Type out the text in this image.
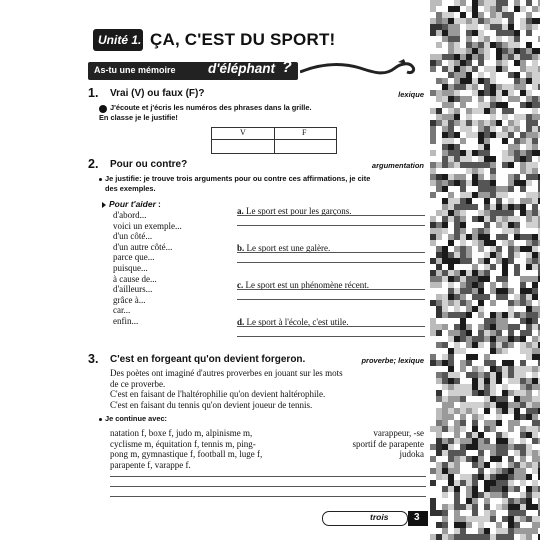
Unité 1. ÇA, C'EST DU SPORT!
As-tu une mémoire d'éléphant ?
1. Vrai (V) ou faux (F)?	lexique
J'écoute et j'écris les numéros des phrases dans la grille.
En classe je le justifie!
V	F
2. Pour ou contre?	argumentation
Je justifie: je trouve trois arguments pour ou contre ces affirmations, je cite
des exemples.
Pour t'aider :
d'abord...
voici un exemple...
d'un côté...
d'un autre côté...
parce que...
puisque...
à cause de...
d'ailleurs...
grâce à...
car...
enfin...
a. Le sport est pour les garçons.
b. Le sport est une galère.
c. Le sport est un phénomène récent.
d. Le sport à l'école, c'est utile.
3. C'est en forgeant qu'on devient forgeron.	proverbe; lexique
Des poètes ont imaginé d'autres proverbes en jouant sur les mots
de ce proverbe.
C'est en faisant de l'haltérophilie qu'on devient haltérophile.
C'est en faisant du tennis qu'on devient joueur de tennis.
Je continue avec:
natation f, boxe f, judo m, alpinisme m,
cyclisme m, équitation f, tennis m, ping-
pong m, gymnastique f, football m, luge f,
parapente f, varappe f.
varappeur, -se
sportif de parapente
judoka
trois	3
